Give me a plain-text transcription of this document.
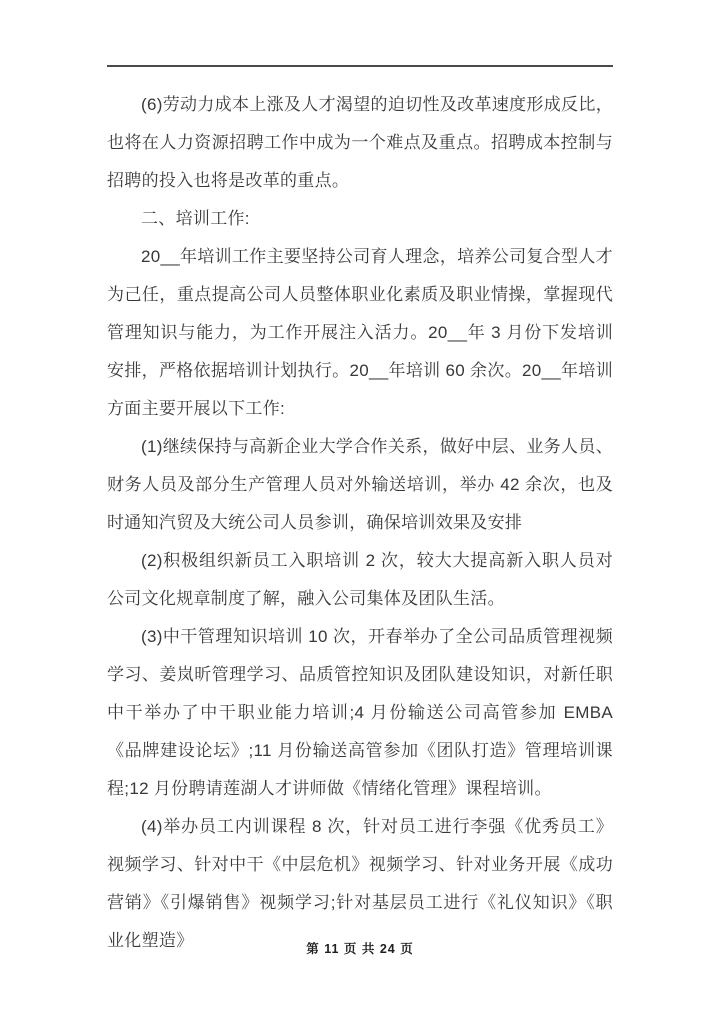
(6)劳动力成本上涨及人才渴望的迫切性及改革速度形成反比，也将在人力资源招聘工作中成为一个难点及重点。招聘成本控制与招聘的投入也将是改革的重点。

二、培训工作:

20__年培训工作主要坚持公司育人理念，培养公司复合型人才为己任，重点提高公司人员整体职业化素质及职业情操，掌握现代管理知识与能力，为工作开展注入活力。20__年 3 月份下发培训安排，严格依据培训计划执行。20__年培训 60 余次。20__年培训方面主要开展以下工作:

(1)继续保持与高新企业大学合作关系，做好中层、业务人员、财务人员及部分生产管理人员对外输送培训，举办 42 余次，也及时通知汽贸及大统公司人员参训，确保培训效果及安排

(2)积极组织新员工入职培训 2 次，较大大提高新入职人员对公司文化规章制度了解，融入公司集体及团队生活。

(3)中干管理知识培训 10 次，开春举办了全公司品质管理视频学习、姜岚昕管理学习、品质管控知识及团队建设知识，对新任职中干举办了中干职业能力培训;4 月份输送公司高管参加 EMBA《品牌建设论坛》;11 月份输送高管参加《团队打造》管理培训课程;12 月份聘请莲湖人才讲师做《情绪化管理》课程培训。

(4)举办员工内训课程 8 次，针对员工进行李强《优秀员工》视频学习、针对中干《中层危机》视频学习、针对业务开展《成功营销》《引爆销售》视频学习;针对基层员工进行《礼仪知识》《职业化塑造》	第 11 页 共 24 页
